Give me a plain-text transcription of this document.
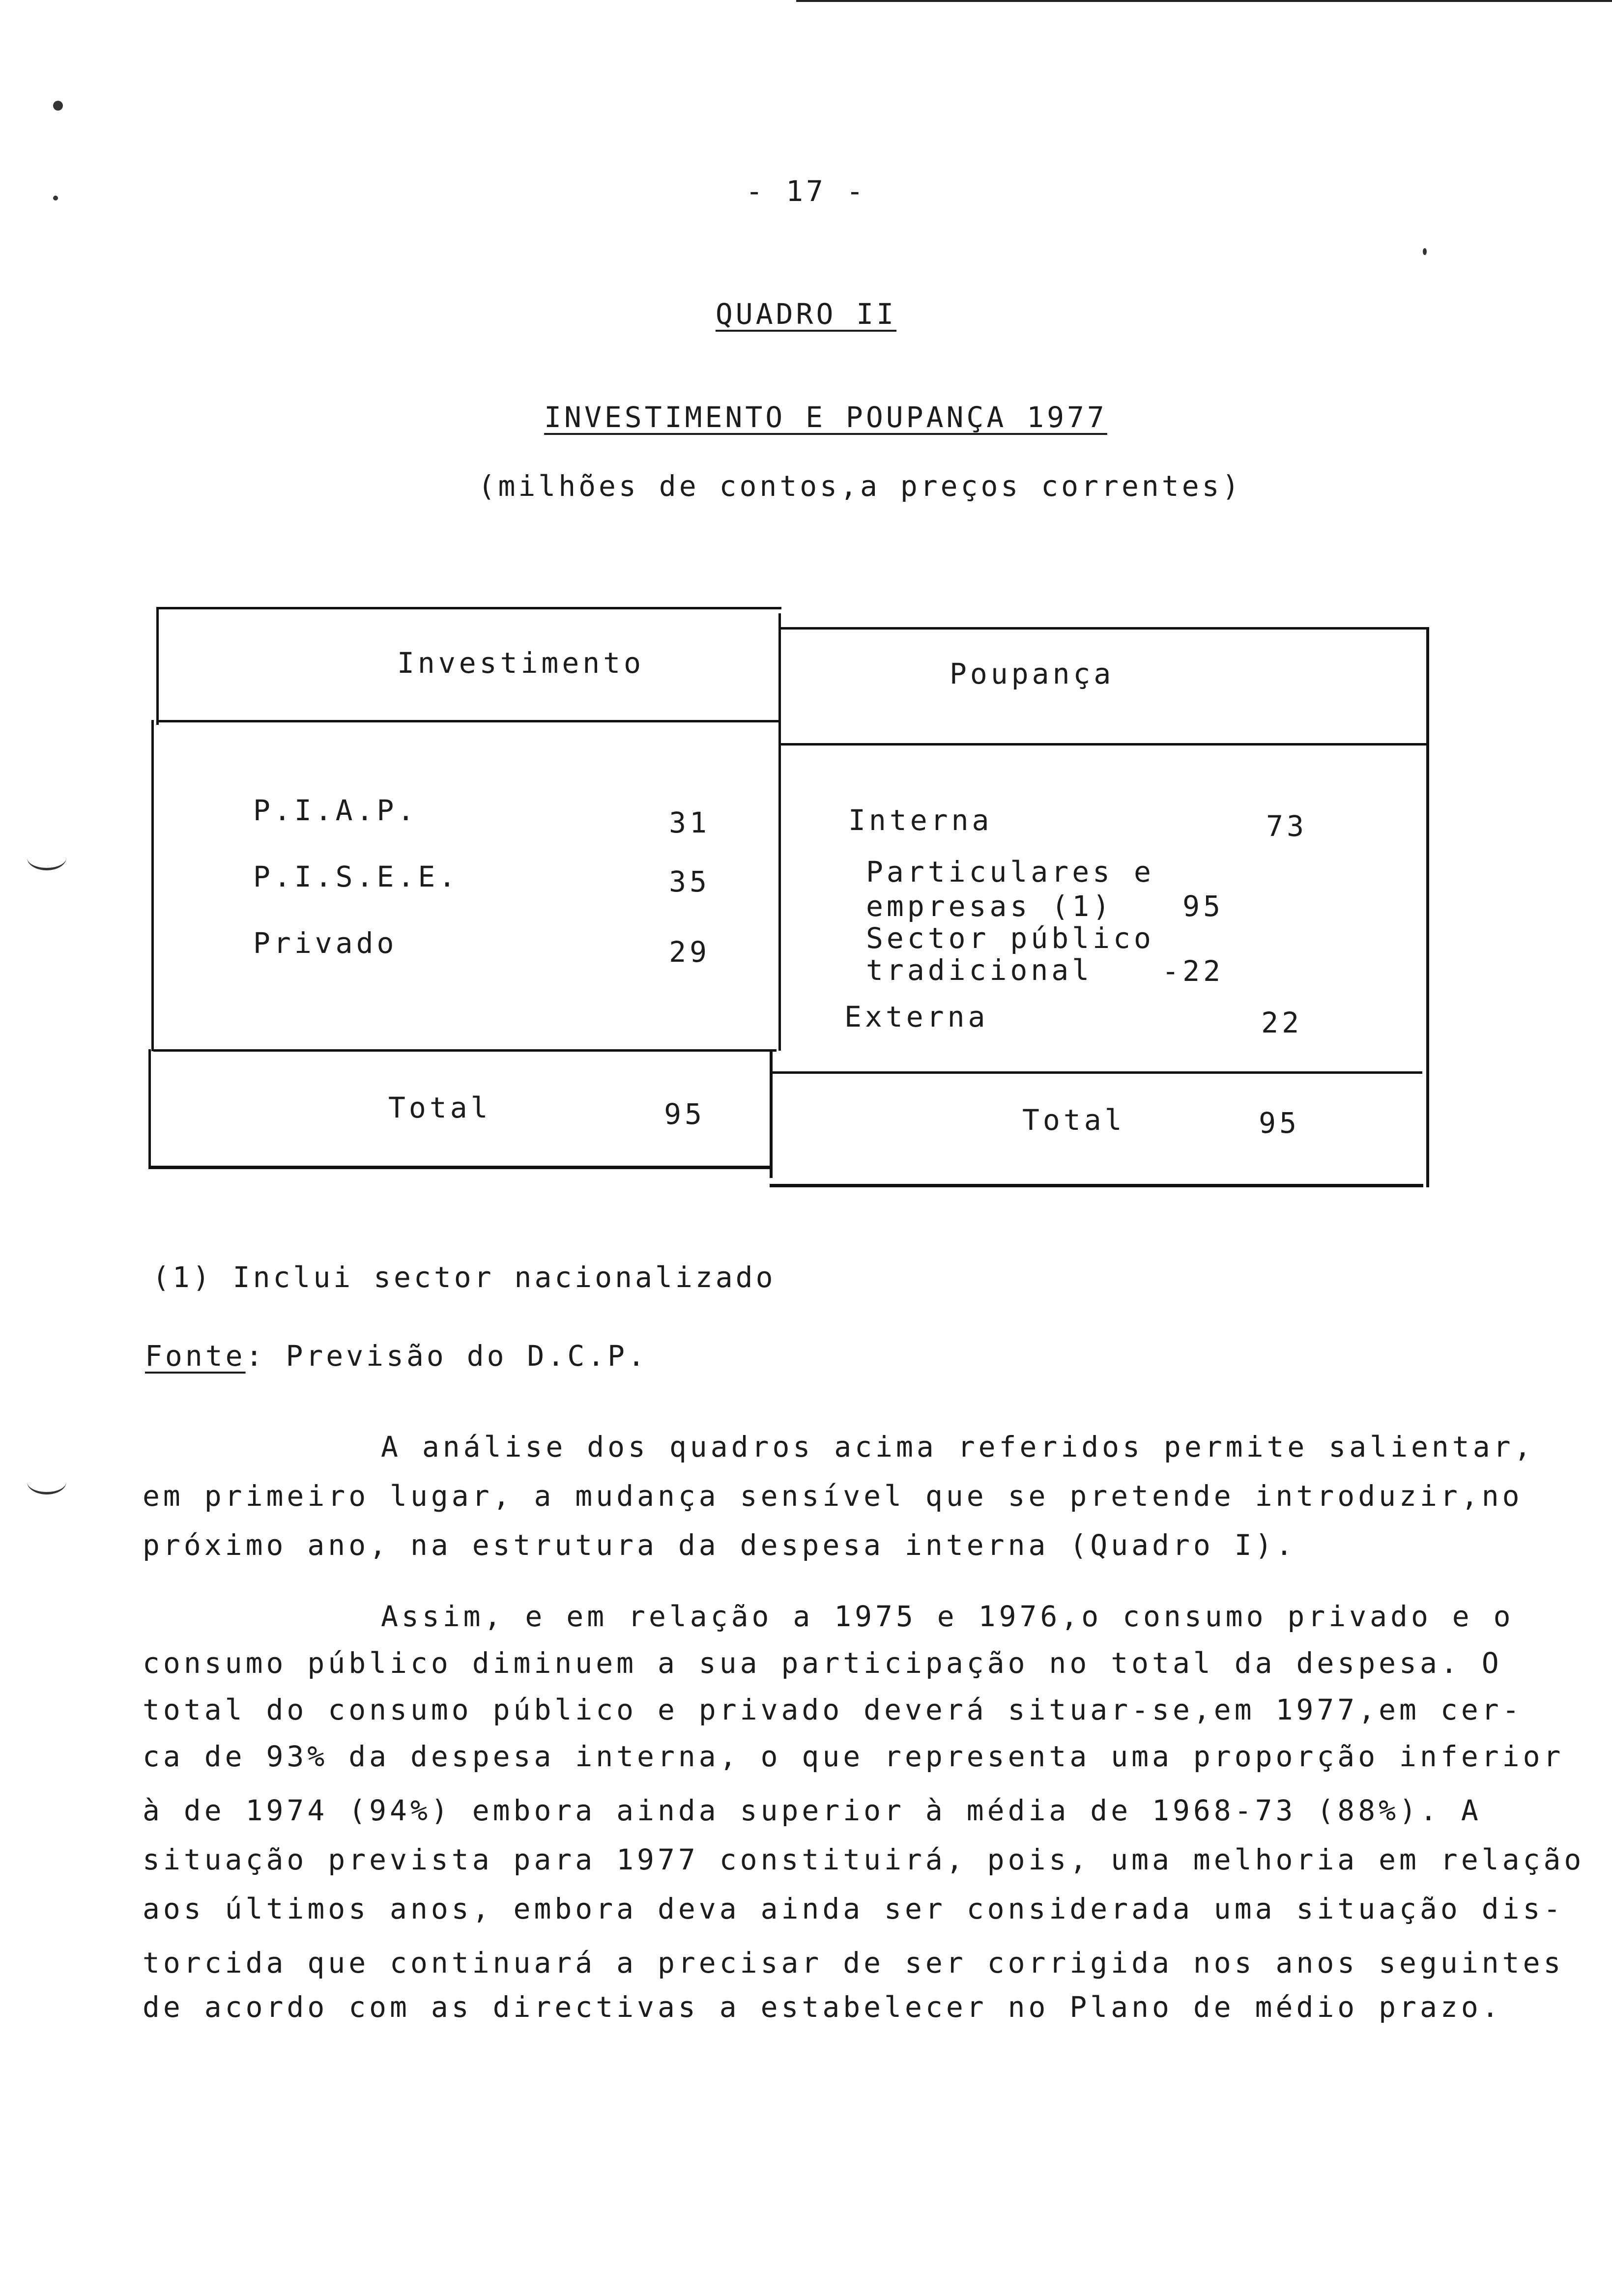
- 17 -
QUADRO II
INVESTIMENTO E POUPANÇA 1977
(milhões de contos,a preços correntes)
Investimento	Poupança
P.I.A.P.	31
P.I.S.E.E.	35
Privado	29
Interna	73
Particulares e
empresas (1)	95
Sector público
tradicional	-22
Externa	22
Total	95	Total	95
(1) Inclui sector nacionalizado
Fonte: Previsão do D.C.P.
A análise dos quadros acima referidos permite salientar,
em primeiro lugar, a mudança sensível que se pretende introduzir,no
próximo ano, na estrutura da despesa interna (Quadro I).
Assim, e em relação a 1975 e 1976,o consumo privado e o
consumo público diminuem a sua participação no total da despesa. O
total do consumo público e privado deverá situar-se,em 1977,em cer-
ca de 93% da despesa interna, o que representa uma proporção inferior
à de 1974 (94%) embora ainda superior à média de 1968-73 (88%). A
situação prevista para 1977 constituirá, pois, uma melhoria em relação
aos últimos anos, embora deva ainda ser considerada uma situação dis-
torcida que continuará a precisar de ser corrigida nos anos seguintes
de acordo com as directivas a estabelecer no Plano de médio prazo.
